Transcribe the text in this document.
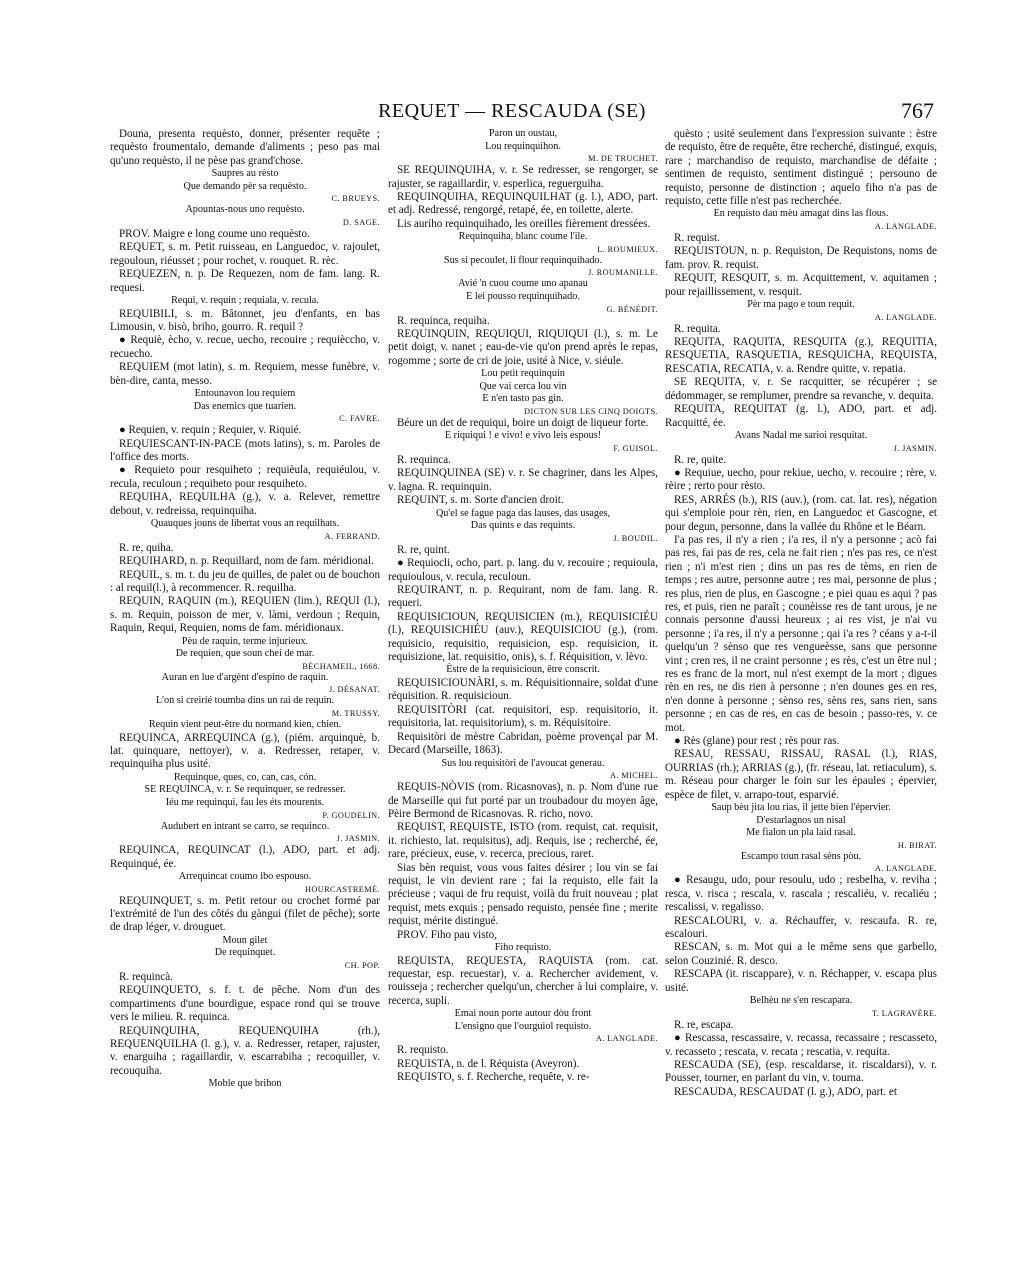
REQUET — RESCAUDA (SE)	767

Douna, presenta requèsto, donner, présenter requête ; requèsto froumentalo, demande d'aliments ; peso pas mai qu'uno requèsto, il ne pèse pas grand'chose.

Saupres au rèsto

Que demando pèr sa requèsto.

C. BRUEYS.

Apountas-nous uno requèsto.

D. SAGE.

PROV. Maigre e long coume uno requèsto.

REQUET, s. m. Petit ruisseau, en Languedoc, v. rajoulet, regouloun, riéusset ; pour rochet, v. rouquet. R. rèc.

REQUEZEN, n. p. De Requezen, nom de fam. lang. R. requesi.

Requi, v. requin ; requiala, v. recula.

REQUIBILI, s. m. Bâtonnet, jeu d'enfants, en bas Limousin, v. bisò, briho, gourro. R. requil ?

● Requiè, ècho, v. recue, uecho, recouire ; requièccho, v. recuecho.

REQUIEM (mot latin), s. m. Requiem, messe funèbre, v. bèn-dire, canta, messo.

Entounavon lou requiem

Das enemics que tuarien.

C. FAVRE.

● Requien, v. requin ; Requier, v. Riquié.

REQUIESCANT-IN-PACE (mots latins), s. m. Paroles de l'office des morts.

● Requieto pour resquiheto ; requièula, requiéulou, v. recula, reculoun ; requiheto pour resquiheto.

REQUIHA, REQUILHA (g.), v. a. Relever, remettre debout, v. redreissa, requinquiha.

Quauques jouns de libertat vous an requilhats.

A. FERRAND.

R. re, quiha.

REQUIHARD, n. p. Requillard, nom de fam. méridional.

REQUIL, s. m. t. du jeu de quilles, de palet ou de bouchon : al requil(l.), à recommencer. R. requilha.

REQUIN, RAQUIN (m.), REQUIEN (lim.), REQUI (l.), s. m. Requin, poisson de mer, v. làmi, verdoun ; Requin, Raquin, Requi, Requien, noms de fam. méridionaux.

Pèu de raquin, terme injurieux.

De requien, que soun chei de mar.

BÉCHAMEIL, 1668.

Auran en lue d'argènt d'espino de raquin.

J. DÉSANAT.

L'on si creirié toumba dins un rai de requin.

M. TRUSSY.

Requin vient peut-être du normand kien, chien.

REQUINCA, ARREQUINCA (g.), (piém. arquinquè, b. lat. quinquare, nettoyer), v. a. Redresser, retaper, v. requinquiha plus usité.

Requinque, ques, co, can, cas, cón.

SE REQUINCA, v. r. Se requinquer, se redresser.

Iéu me requinqui, fau les éts mourents.

P. GOUDELIN.

Audubert en intrant se carro, se requinco.

J. JASMIN.

REQUINCA, REQUINCAT (l.), ADO, part. et adj. Requinqué, ée.

Arrequincat coumo ibo espouso.

HOURCASTREMÉ.

REQUINQUET, s. m. Petit retour ou crochet formé par l'extrémité de l'un des côtés du gàngui (filet de pêche); sorte de drap léger, v. drouguet.

Moun gilet

De requinquet.

CH. POP.

R. requincà.

REQUINQUETO, s. f. t. de pêche. Nom d'un des compartiments d'une bourdigue, espace rond qui se trouve vers le milieu. R. requinca.

REQUINQUIHA, REQUENQUIHA (rh.), REQUENQUILHA (l. g.), v. a. Redresser, retaper, rajuster, v. enarguiha ; ragaillardir, v. escarrabiha ; recoquiller, v. recouquiha.

Moble que brihon

Paron un oustau,

Lou requinquihon.

M. DE TRUCHET.

SE REQUINQUIHA, v. r. Se redresser, se rengorger, se rajuster, se ragaillardir, v. esperlica, reguerguiha.

REQUINQUIHA, REQUINQUILHAT (g. l.), ADO, part. et adj. Redressé, rengorgé, retapé, ée, en toilette, alerte.

Lis auriho requinquihado, les oreilles fièrement dressées.

Requinquiha, blanc coume l'ile.

L. ROUMIEUX.

Sus si pecoulet, li flour requinquihado.

J. ROUMANILLE.

Avié 'n cuou coume uno apanau

E lei pousso requinquihado.

G. BÉNÉDIT.

R. requinca, requiha.

REQUINQUIN, REQUIQUI, RIQUIQUI (l.), s. m. Le petit doigt, v. nanet ; eau-de-vie qu'on prend après le repas, rogomme ; sorte de cri de joie, usité à Nice, v. siéule.

Lou petit requinquin

Que vai cerca lou vin

E n'en tasto pas gin.

DICTON SUR LES CINQ DOIGTS.

Béure un det de requiqui, boire un doigt de liqueur forte.

E riquiqui ! e vivo! e vivo leis espous!

F. GUISOL.

R. requinca.

REQUINQUINEA (SE) v. r. Se chagriner, dans les Alpes, v. lagna. R. requinquin.

REQUINT, s. m. Sorte d'ancien droit.

Qu'el se fague paga das lauses, das usages,

Das quints e das requints.

J. BOUDIL.

R. re, quint.

● Requiocli, ocho, part. p. lang. du v. recouire ; requioula, requioulous, v. recula, reculoun.

REQUIRANT, n. p. Requirant, nom de fam. lang. R. requeri.

REQUISICIOUN, REQUISICIEN (m.), REQUISICIÉU (l.), REQUISICHIÉU (auv.), REQUISICIOU (g.), (rom. requisicio, requisitio, requisicion, esp. requisicion, it. requisizione, lat. requisitio, onis), s. f. Réquisition, v. lèvo.

Èstre de la requisicioun, être conscrit.

REQUISICIOUNÀRI, s. m. Réquisitionnaire, soldat d'une réquisition. R. requisicioun.

REQUISITÒRI (cat. requisitori, esp. requisitorio, it. requisitoria, lat. requisitorium), s. m. Réquisitoire.

Requisitòri de mèstre Cabridan, poème provençal par M. Decard (Marseille, 1863).

Sus lou requisitòri de l'avoucat generau.

A. MICHEL.

REQUIS-NÒVIS (rom. Ricasnovas), n. p. Nom d'une rue de Marseille qui fut porté par un troubadour du moyen âge, Pèire Bermond de Ricasnovas. R. richo, novo.

REQUIST, REQUISTE, ISTO (rom. requist, cat. requisit, it. richiesto, lat. requisitus), adj. Requis, ise ; recherché, ée, rare, précieux, euse, v. recerca, precious, raret.

Sias bèn requist, vous vous faites désirer ; lou vin se fai requist, le vin devient rare ; fai la requisto, elle fait la précieuse ; vaqui de fru requist, voilà du fruit nouveau ; plat requist, mets exquis ; pensado requisto, pensée fine ; merite requist, mérite distingué.

PROV. Fiho pau visto,

Fiho requisto.

REQUISTA, REQUESTA, RAQUISTA (rom. cat. requestar, esp. recuestar), v. a. Rechercher avidement, v. rouisseja ; rechercher quelqu'un, chercher à lui complaire, v. recerca, supli.

Emai noun porte autour dòu front

L'ensigno que l'ourguiol requisto.

A. LANGLADE.

R. requisto.

REQUISTA, n. de l. Réquista (Aveyron).

REQUISTO, s. f. Recherche, requête, v. re-

quèsto ; usité seulement dans l'expression suivante : èstre de requisto, être de requête, être recherché, distingué, exquis, rare ; marchandiso de requisto, marchandise de défaite ; sentimen de requisto, sentiment distingué ; persouno de requisto, personne de distinction ; aquelo fiho n'a pas de requisto, cette fille n'est pas recherchée.

En requisto dau mèu amagat dins las flous.

A. LANGLADE.

R. requist.

REQUISTOUN, n. p. Requiston, De Requistons, noms de fam. prov. R. requist.

REQUIT, RESQUIT, s. m. Acquittement, v. aquitamen ; pour rejaillissement, v. resquit.

Pèr ma pago e toun requit.

A. LANGLADE.

R. requita.

REQUITA, RAQUITA, RESQUITA (g.), REQUITIA, RESQUETIA, RASQUETIA, RESQUICHA, REQUISTA, RESCATIA, RECATIA, v. a. Rendre quitte, v. repatia.

SE REQUITA, v. r. Se racquitter, se récupérer ; se dédommager, se remplumer, prendre sa revanche, v. dequita.

REQUITA, REQUITAT (g. l.), ADO, part. et adj. Racquitté, ée.

Avans Nadal me sarioi resquitat.

J. JASMIN.

R. re, quite.

● Requiue, uecho, pour rekiue, uecho, v. recouire ; rère, v. rèire ; rerto pour rèsto.

RES, ARRÉS (b.), RIS (auv.), (rom. cat. lat. res), négation qui s'emploie pour rèn, rien, en Languedoc et Gascogne, et pour degun, personne, dans la vallée du Rhône et le Béarn.

I'a pas res, il n'y a rien ; i'a res, il n'y a personne ; acò fai pas res, fai pas de res, cela ne fait rien ; n'es pas res, ce n'est rien ; n'i m'est rien ; dins un pas res de tèms, en rien de temps ; res autre, personne autre ; res mai, personne de plus ; res plus, rien de plus, en Gascogne ; e piei quau es aqui ? pas res, et puis, rien ne paraît ; counèisse res de tant urous, je ne connais personne d'aussi heureux ; ai res vist, je n'ai vu personne ; i'a res, il n'y a personne ; qai i'a res ? céans y a-t-il quelqu'un ? sènso que res vengueèsse, sans que personne vint ; cren res, il ne craint personne ; es rès, c'est un être nul ; res es franc de la mort, nul n'est exempt de la mort ; digues rèn en res, ne dis rien à personne ; n'en dounes ges en res, n'en donne à personne ; sènso res, sèns res, sans rien, sans personne ; en cas de res, en cas de besoin ; passo-res, v. ce mot.

● Rès (glane) pour rest ; rès pour ras.

RESAU, RESSAU, RISSAU, RASAL (l.), RIAS, OURRIAS (rh.); ARRIAS (g.), (fr. réseau, lat. retiaculum), s. m. Réseau pour charger le foin sur les épaules ; épervier, espèce de filet, v. arrapo-tout, esparvié.

Saup bèu jita lou rias, il jette bien l'épervier.

D'estarlagnos un nisal

Me fialon un pla laid rasal.

H. BIRAT.

Escampo toun rasal sèns pòu.

A. LANGLADE.

● Resaugu, udo, pour resoulu, udo ; resbelha, v. reviha ; resca, v. risca ; rescala, v. rascala ; rescaliéu, v. recaliéu ; rescalissi, v. regalisso.

RESCALOURI, v. a. Réchauffer, v. rescaufa. R. re, escalouri.

RESCAN, s. m. Mot qui a le même sens que garbello, selon Couzinié. R. desco.

RESCAPA (it. riscappare), v. n. Réchapper, v. escapa plus usité.

Belhèu ne s'en rescapara.

T. LAGRAVÈRE.

R. re, escapa.

● Rescassa, rescassaire, v. recassa, recassaire ; rescasseto, v. recasseto ; rescata, v. recata ; rescatia, v. requita.

RESCAUDA (SE), (esp. rescaldarse, it. riscaldarsi), v. r. Pousser, tourner, en parlant du vin, v. tourna.

RESCAUDA, RESCAUDAT (l. g.), ADO, part. et
